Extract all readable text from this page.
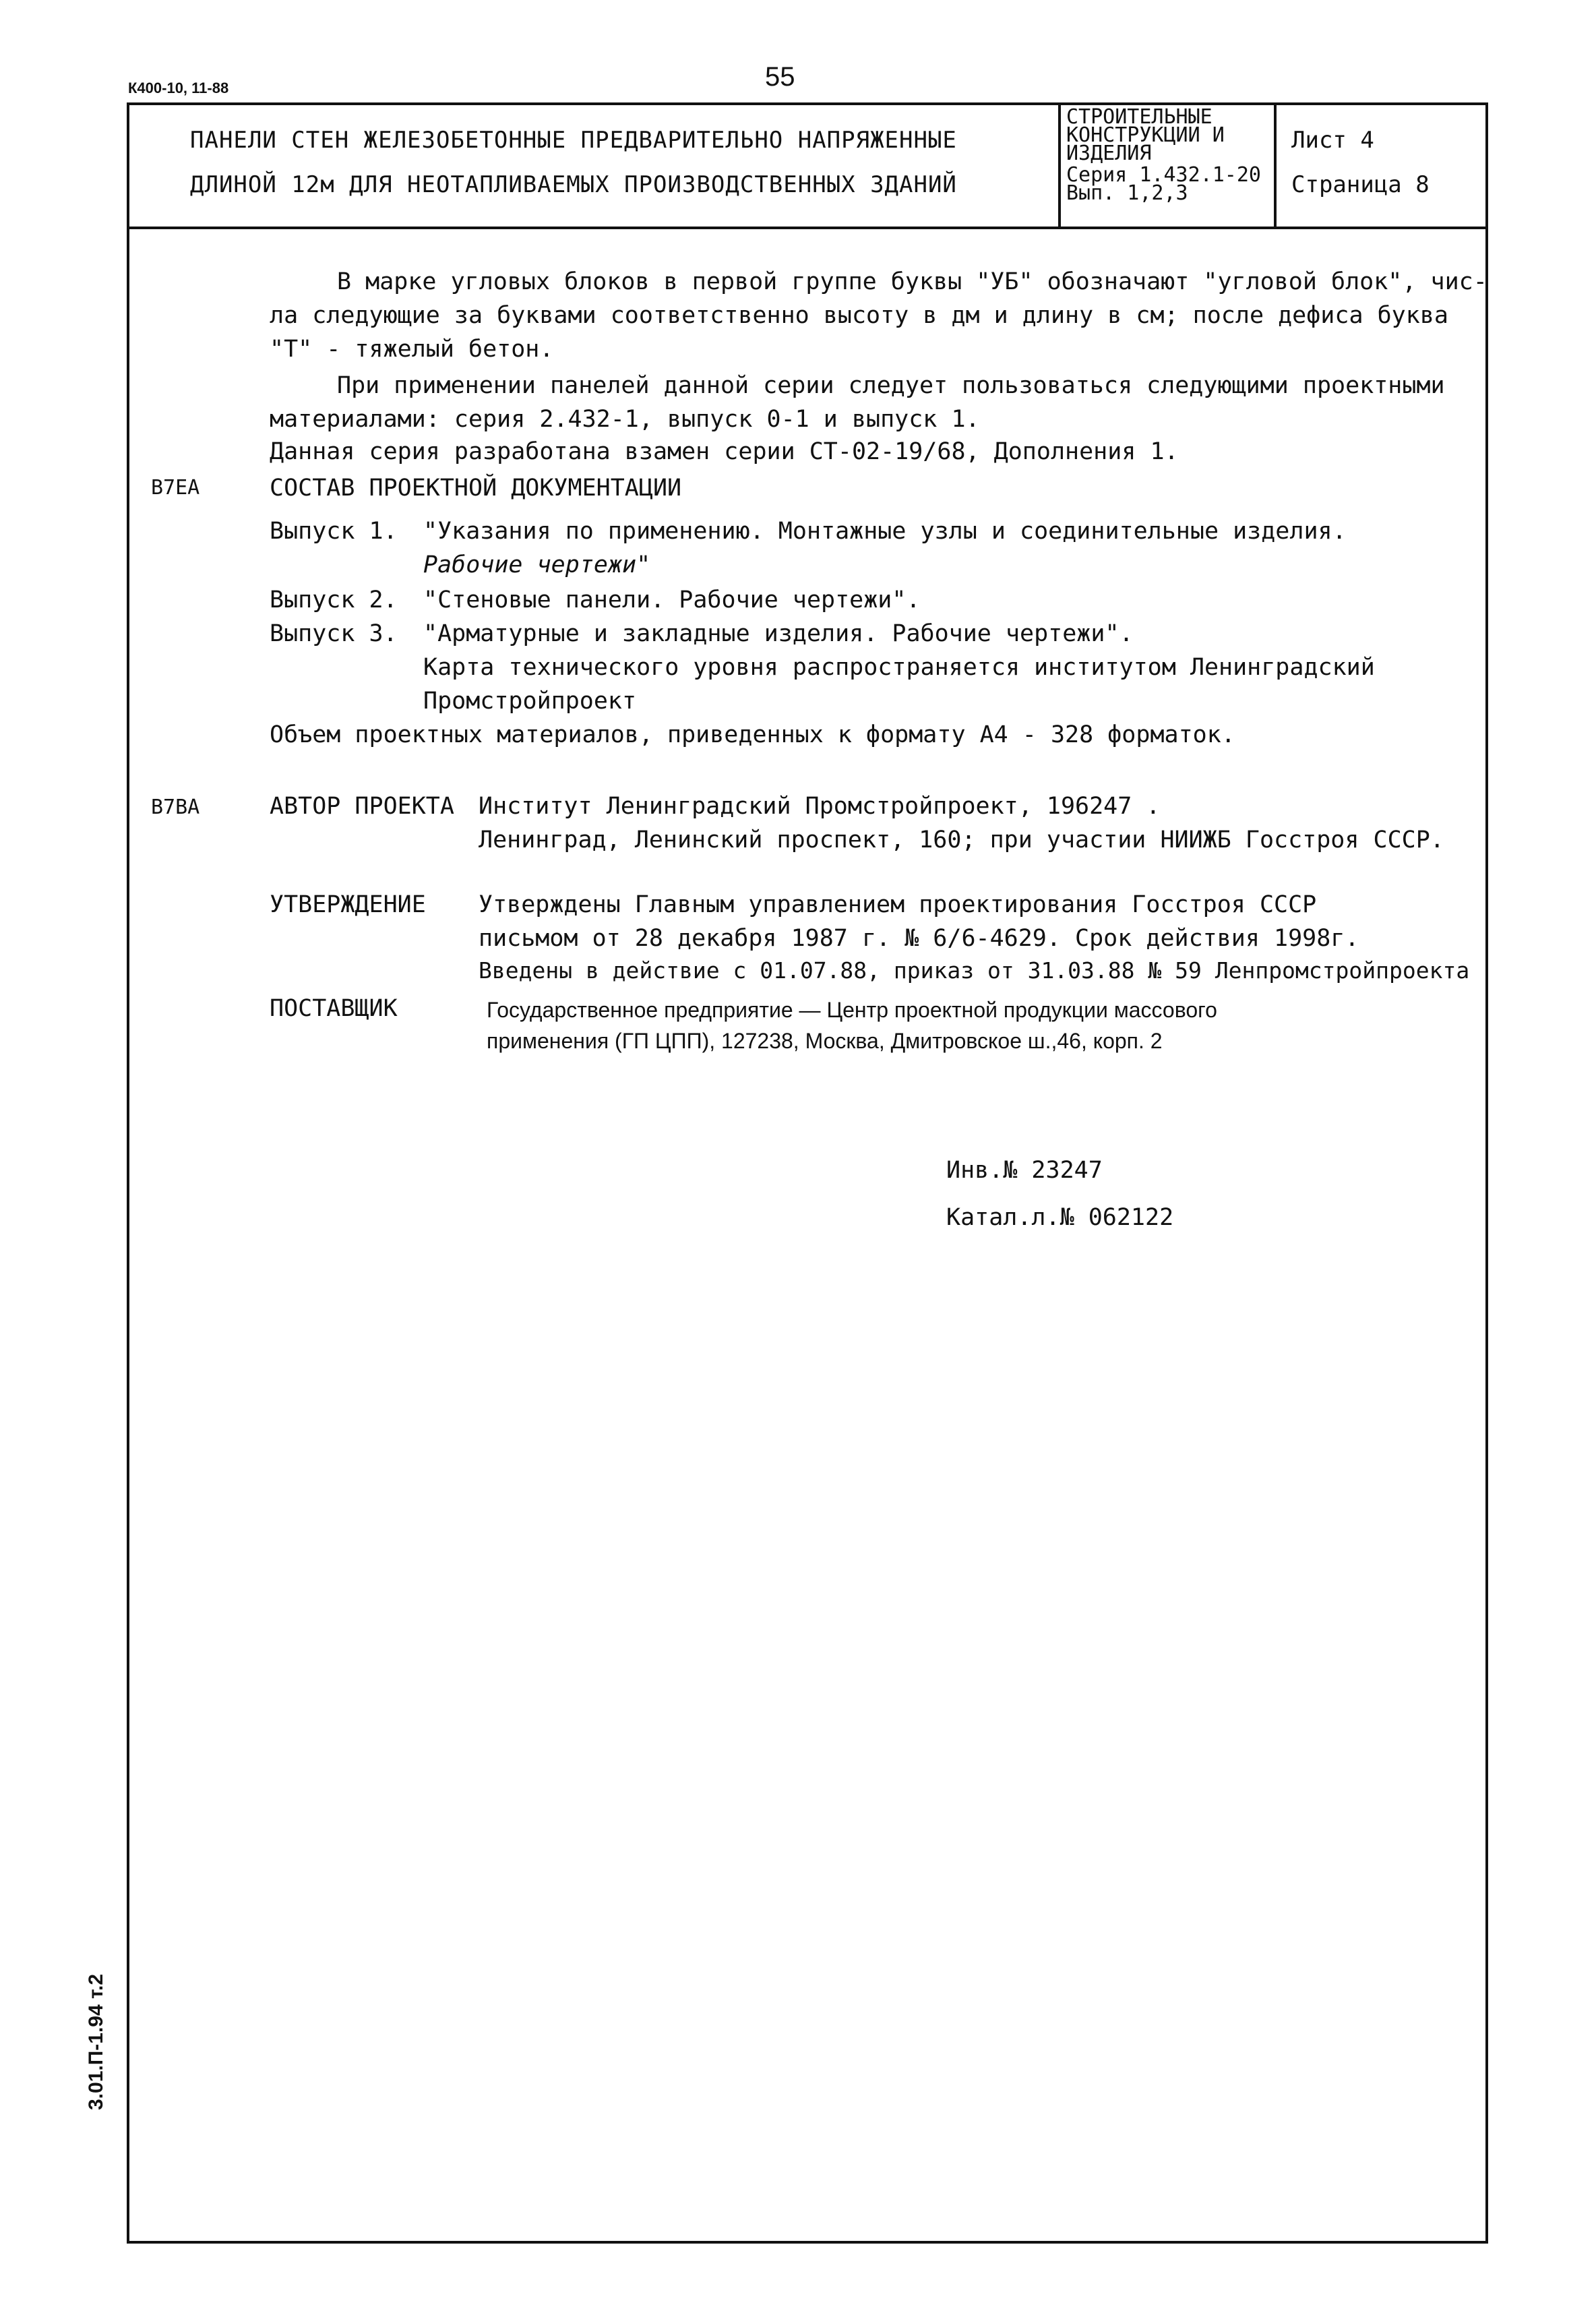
К400-10, 11-88	55
ПАНЕЛИ СТЕН ЖЕЛЕЗОБЕТОННЫЕ ПРЕДВАРИТЕЛЬНО НАПРЯЖЕННЫЕ
ДЛИНОЙ 12м ДЛЯ НЕОТАПЛИВАЕМЫХ ПРОИЗВОДСТВЕННЫХ ЗДАНИЙ
СТРОИТЕЛЬНЫЕ
КОНСТРУКЦИИ И
ИЗДЕЛИЯ
Серия 1.432.1-20
Вып. 1,2,3
Лист 4
Страница 8
В марке угловых блоков в первой группе буквы "УБ" обозначают "угловой блок", чис-
ла следующие за буквами соответственно высоту в дм и длину в см; после дефиса буква
"Т" - тяжелый бетон.
При применении панелей данной серии следует пользоваться следующими проектными
материалами: серия 2.432-1, выпуск 0-1 и выпуск 1.
Данная серия разработана взамен серии СТ-02-19/68, Дополнения 1.
В7ЕА	СОСТАВ ПРОЕКТНОЙ ДОКУМЕНТАЦИИ
Выпуск 1. "Указания по применению. Монтажные узлы и соединительные изделия.
Рабочие чертежи"
Выпуск 2. "Стеновые панели. Рабочие чертежи".
Выпуск 3. "Арматурные и закладные изделия. Рабочие чертежи".
Карта технического уровня распространяется институтом Ленинградский
Промстройпроект
Объем проектных материалов, приведенных к формату А4 - 328 форматок.
В7ВА	АВТОР ПРОЕКТА Институт Ленинградский Промстройпроект, 196247 .
Ленинград, Ленинский проспект, 160; при участии НИИЖБ Госстроя СССР.
УТВЕРЖДЕНИЕ Утверждены Главным управлением проектирования Госстроя СССР
письмом от 28 декабря 1987 г. № 6/6-4629. Срок действия 1998г.
Введены в действие с 01.07.88, приказ от 31.03.88 № 59 Ленпромстройпроекта
ПОСТАВЩИК	Государственное предприятие — Центр проектной продукции массового
применения (ГП ЦПП), 127238, Москва, Дмитровское ш.,46, корп. 2
Инв.№ 23247
Катал.л.№ 062122
3.01.П-1.94 т.2
